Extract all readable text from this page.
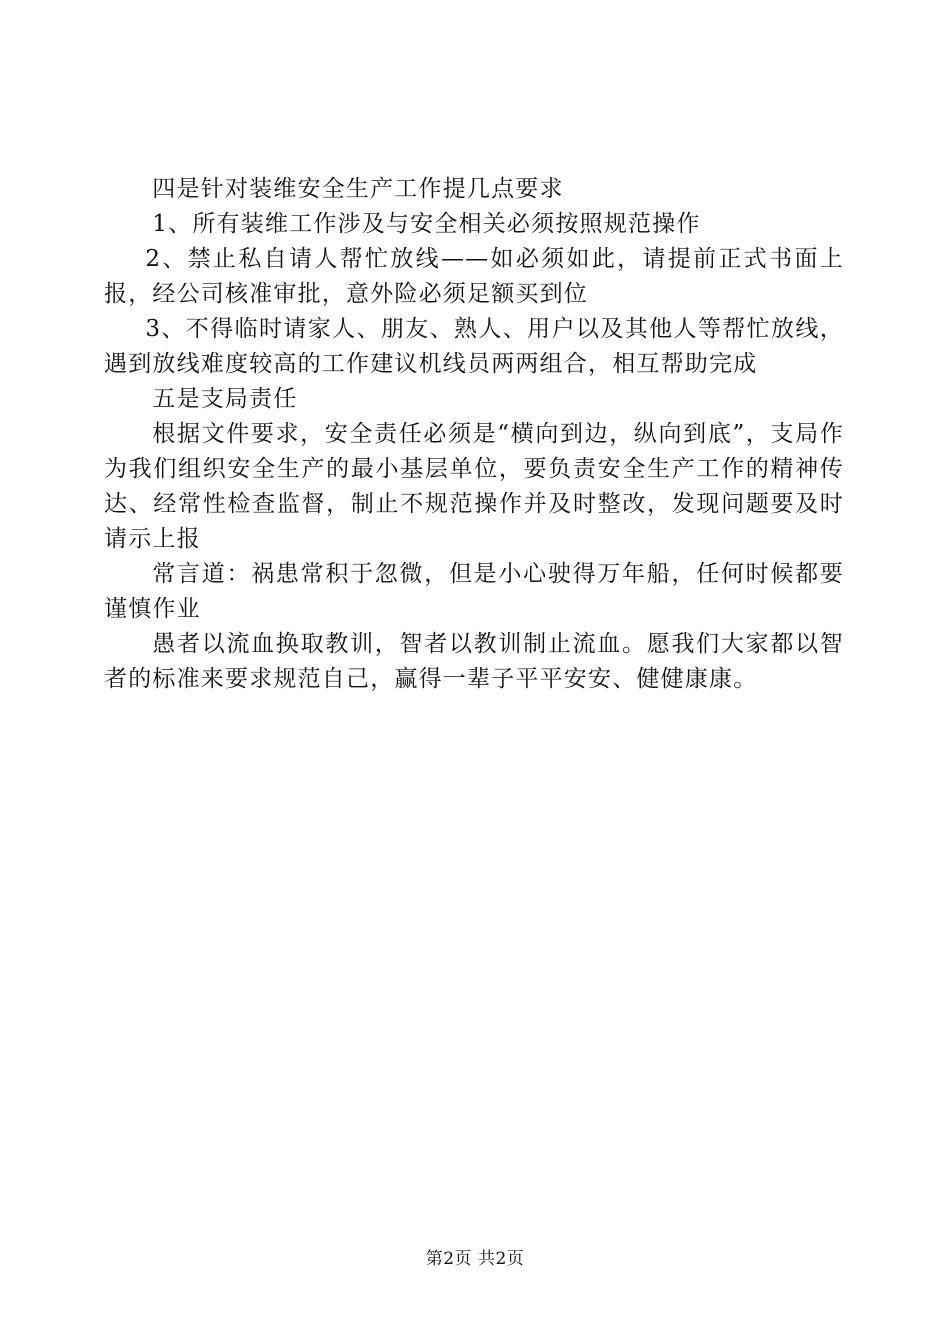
四是针对装维安全生产工作提几点要求

1、所有装维工作涉及与安全相关必须按照规范操作

2、禁止私自请人帮忙放线——如必须如此，请提前正式书面上报，经公司核准审批，意外险必须足额买到位

3、不得临时请家人、朋友、熟人、用户以及其他人等帮忙放线，遇到放线难度较高的工作建议机线员两两组合，相互帮助完成

五是支局责任

根据文件要求，安全责任必须是“横向到边，纵向到底”，支局作为我们组织安全生产的最小基层单位，要负责安全生产工作的精神传达、经常性检查监督，制止不规范操作并及时整改，发现问题要及时请示上报

常言道：祸患常积于忽微，但是小心驶得万年船，任何时候都要谨慎作业

愚者以流血换取教训，智者以教训制止流血。愿我们大家都以智者的标准来要求规范自己，赢得一辈子平平安安、健健康康。

第2页 共2页
